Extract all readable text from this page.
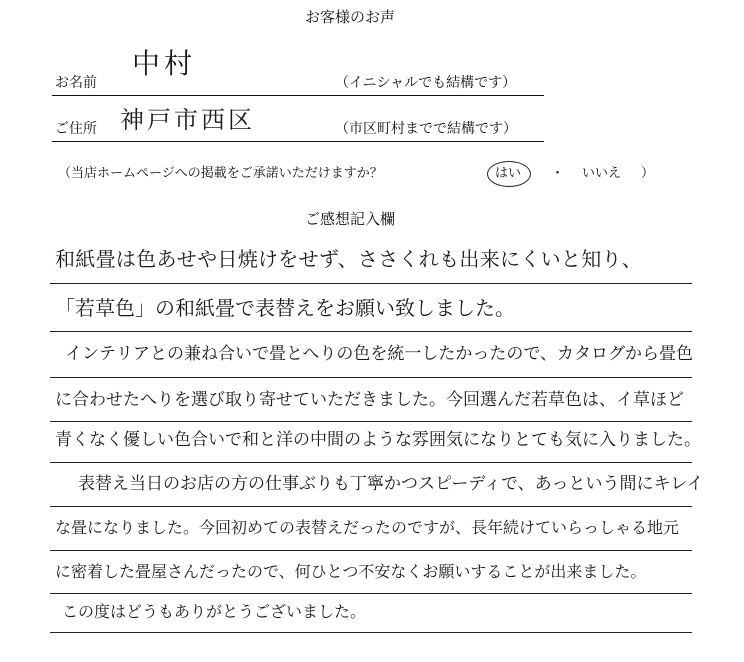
お客様のお声
お名前
中村
（イニシャルでも結構です）
ご住所 神戸市西区	（市区町村までで結構です）
（当店ホームページへの掲載をご承諾いただけますか？	はい ・ いいえ ）
ご感想記入欄
和紙畳は色あせや日焼けをせず、ささくれも出来にくいと知り、
「若草色」の和紙畳で表替えをお願い致しました。
インテリアとの兼ね合いで畳とへりの色を統一したかったので、カタログから畳色
に合わせたへりを選び取り寄せていただきました。今回選んだ若草色は、イ草ほど
青くなく優しい色合いで和と洋の中間のような雰囲気になりとても気に入りました。
表替え当日のお店の方の仕事ぶりも丁寧かつスピーディで、あっという間にキレイ
な畳になりました。今回初めての表替えだったのですが、長年続けていらっしゃる地元
に密着した畳屋さんだったので、何ひとつ不安なくお願いすることが出来ました。
この度はどうもありがとうございました。
